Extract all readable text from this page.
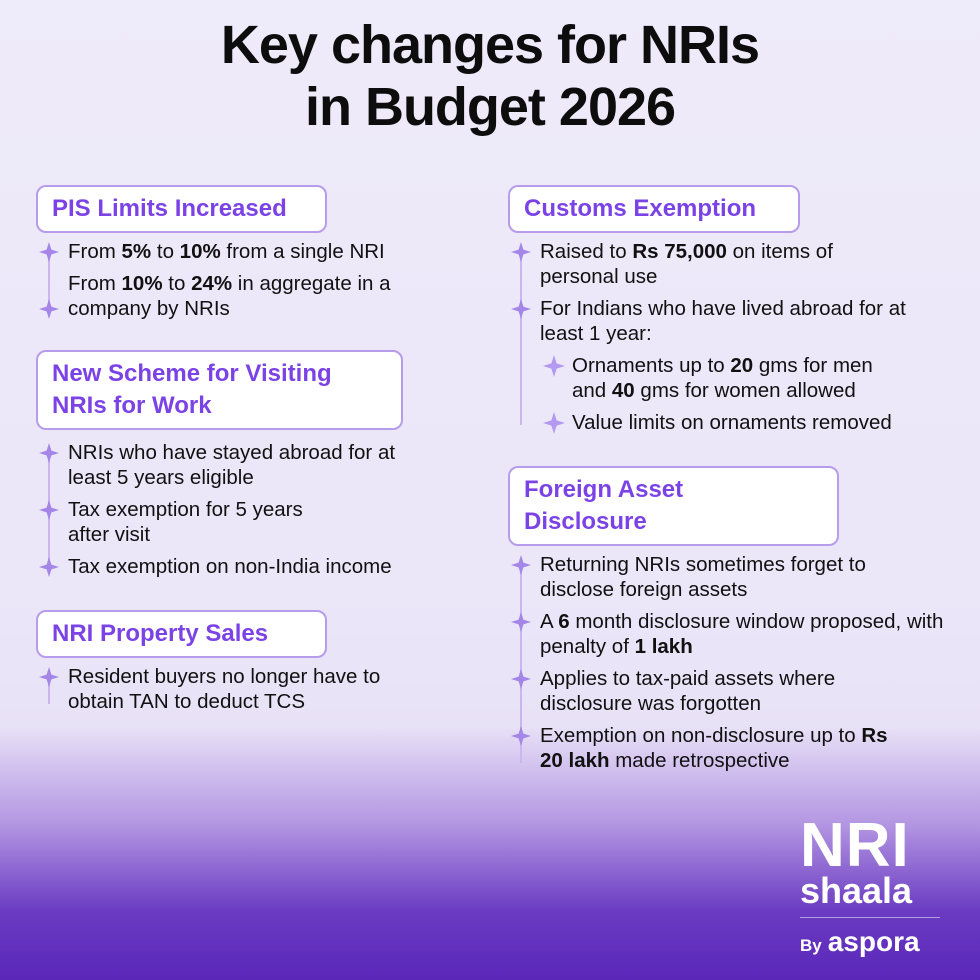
Key changes for NRIs
in Budget 2026
PIS Limits Increased
From 5% to 10% from a single NRI
From 10% to 24% in aggregate in a company by NRIs
New Scheme for Visiting
NRIs for Work
NRIs who have stayed abroad for at least 5 years eligible
Tax exemption for 5 years
after visit
Tax exemption on non-India income
NRI Property Sales
Resident buyers no longer have to obtain TAN to deduct TCS
Customs Exemption
Raised to Rs 75,000 on items of personal use
For Indians who have lived abroad for at least 1 year:
Ornaments up to 20 gms for men and 40 gms for women allowed
Value limits on ornaments removed
Foreign Asset Disclosure
Returning NRIs sometimes forget to disclose foreign assets
A 6 month disclosure window proposed, with penalty of 1 lakh
Applies to tax-paid assets where disclosure was forgotten
Exemption on non-disclosure up to Rs 20 lakh made retrospective
NRI
shaala
By aspora
